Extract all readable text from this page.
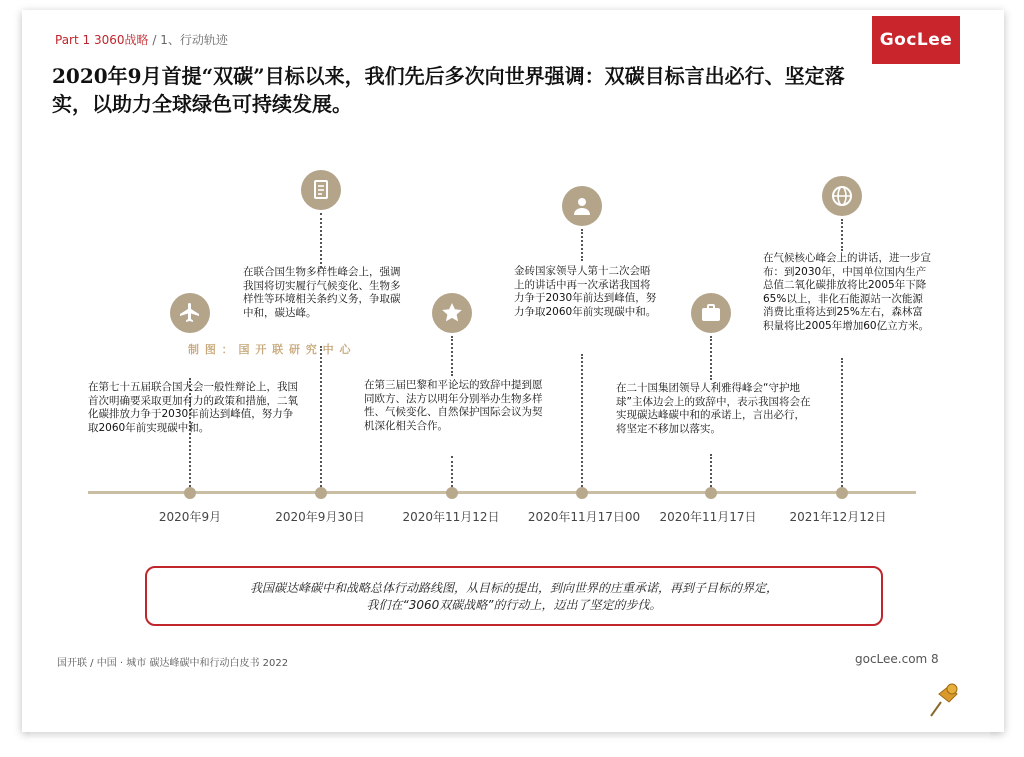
Part 1 3060战略 / 1、行动轨迹	GocLee
2020年9月首提“双碳”目标以来，我们先后多次向世界强调：双碳目标言出必行、坚定落实，以助力全球绿色可持续发展。
在第七十五届联合国大会一般性辩论上，我国首次明确要采取更加有力的政策和措施，二氧化碳排放力争于2030年前达到峰值，努力争取2060年前实现碳中和。
在联合国生物多样性峰会上，强调我国将切实履行气候变化、生物多样性等环境相关条约义务，争取碳中和，碳达峰。
在第三届巴黎和平论坛的致辞中提到愿同欧方、法方以明年分别举办生物多样性、气候变化、自然保护国际会议为契机深化相关合作。
金砖国家领导人第十二次会晤上的讲话中再一次承诺我国将力争于2030年前达到峰值，努力争取2060年前实现碳中和。
在二十国集团领导人利雅得峰会“守护地球”主体边会上的致辞中，表示我国将会在实现碳达峰碳中和的承诺上，言出必行，将坚定不移加以落实。
在气候核心峰会上的讲话，进一步宣布：到2030年，中国单位国内生产总值二氧化碳排放将比2005年下降65%以上，非化石能源站一次能源消费比重将达到25%左右，森林富积量将比2005年增加60亿立方米。
制 图 ： 国 开 联 研 究 中 心
2020年9月	2020年9月30日	2020年11月12日	2020年11月17日00	2020年11月17日	2021年12月12日
我国碳达峰碳中和战略总体行动路线图，从目标的提出，到向世界的庄重承诺，再到子目标的界定，
我们在“3060双碳战略”的行动上，迈出了坚定的步伐。
国开联 / 中国 · 城市 碳达峰碳中和行动白皮书 2022	gocLee.com 8
